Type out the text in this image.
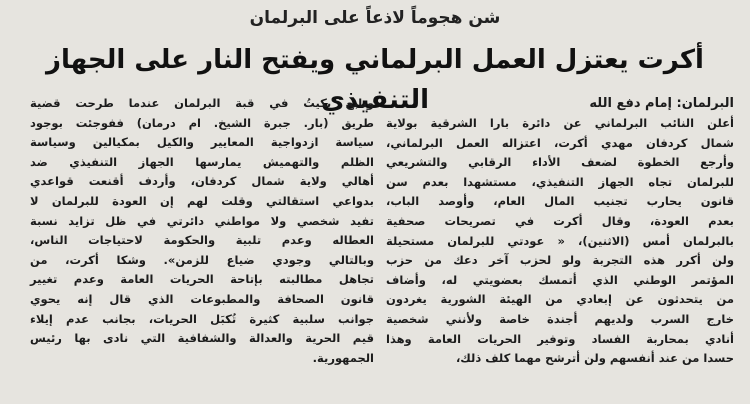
شن هجوماً لاذعاً على البرلمان
أكرت يعتزل العمل البرلماني ويفتح النار على الجهاز التنفيذي	البرلمان: إمام دفع الله
أعلن النائب البرلماني عن دائرة بارا الشرقية بولاية
شمال كردفان مهدي أكرت، اعتزاله العمل البرلماني،
وأرجع الخطوة لضعف الأداء الرقابي والتشريعي
للبرلمان تجاه الجهاز التنفيذي، مستشهدا بعدم سن
قانون يحارب تجنيب المال العام، وأوصد الباب،
بعدم العودة، وقال أكرت في تصريحات صحفية
بالبرلمان أمس (الاثنين)، « عودتي للبرلمان مستحيلة
ولن أكرر هذه التجربة ولو لحزب آخر دعك من حزب
المؤتمر الوطني الذي أتمسك بعضويتي له، وأضاف
من يتحدثون عن إبعادي من الهيئة الشورية يغردون
خارج السرب ولديهم أجندة خاصة ولأنني شخصية
أنادي بمحاربة الفساد وتوفير الحريات العامة وهذا
حسدا من عند أنفسهم ولن أترشح مهما كلف ذلك،
وتابع بكيتُ في قبة البرلمان عندما طرحت قضية
طريق (بار. جبرة الشيخ. ام درمان) ففوجئت بوجود
سياسة ازدواجية المعايير والكيل بمكيالين وسياسة
الظلم والتهميش يمارسها الجهاز التنفيذي ضد
أهالي ولاية شمال كردفان، وأردف أقنعت قواعدي
بدواعي استقالتي وقلت لهم إن العودة للبرلمان لا
تفيد شخصي ولا مواطني دائرتي في ظل تزايد نسبة
العطاله وعدم تلبية والحكومة لاحتياجات الناس،
وبالتالي وجودي ضياع للزمن». وشكا أكرت، من
تجاهل مطالبته بإتاحة الحريات العامة وعدم تغيير
قانون الصحافة والمطبوعات الذي قال إنه يحوي
جوانب سلبية كثيرة تُكبَل الحريات، بجانب عدم إيلاء
قيم الحرية والعدالة والشفافية التي نادى بها رئيس
الجمهورية.
